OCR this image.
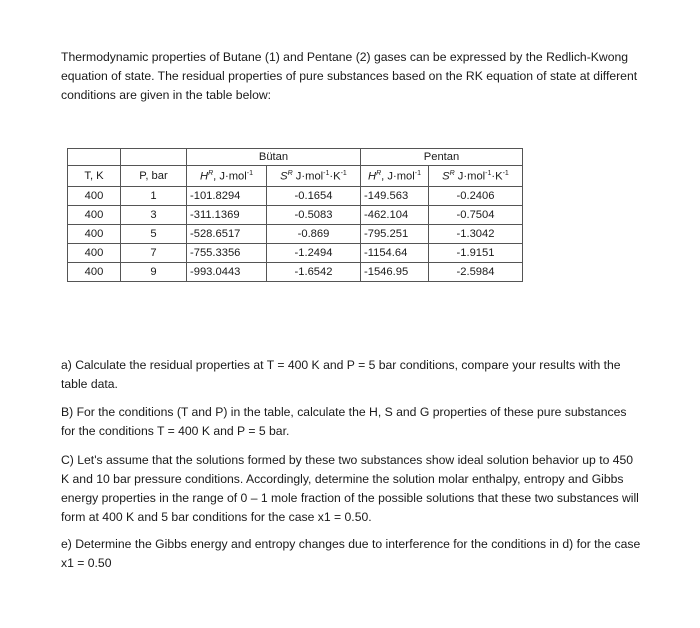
Thermodynamic properties of Butane (1) and Pentane (2) gases can be expressed by the Redlich-Kwong equation of state. The residual properties of pure substances based on the RK equation of state at different conditions are given in the table below:
		Bütan		Pentan	
T, K	P, bar	$H^R$, J·mol$^{-1}$	$S^R$ $J\cdot mol^{-1}\cdot K^{-1}$	$H^R$, J·mol$^{-1}$	$S^R$ $J\cdot mol^{-1}\cdot K^{-1}$
400	1	-101.8294	-0.1654	-149.563	-0.2406
400	3	-311.1369	-0.5083	-462.104	-0.7504
400	5	-528.6517	-0.869	-795.251	-1.3042
400	7	-755.3356	-1.2494	-1154.64	-1.9151
400	9	-993.0443	-1.6542	-1546.95	-2.5984
a) Calculate the residual properties at T = 400 K and P = 5 bar conditions, compare your results with the table data.
B) For the conditions (T and P) in the table, calculate the H, S and G properties of these pure substances for the conditions T = 400 K and P = 5 bar.
C) Let's assume that the solutions formed by these two substances show ideal solution behavior up to 450 K and 10 bar pressure conditions. Accordingly, determine the solution molar enthalpy, entropy and Gibbs energy properties in the range of 0 – 1 mole fraction of the possible solutions that these two substances will form at 400 K and 5 bar conditions for the case x1 = 0.50.
e) Determine the Gibbs energy and entropy changes due to interference for the conditions in d) for the case x1 = 0.50
